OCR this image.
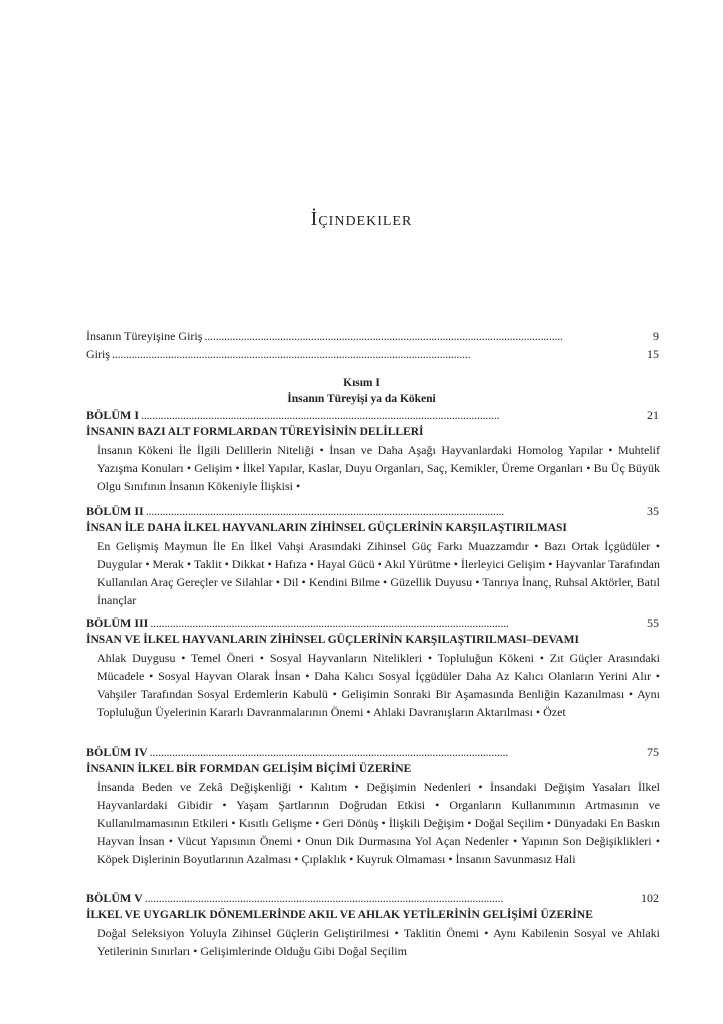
İçindekiler
İnsanın Türeyişine Giriş . . .	9
Giriş . . .	15
Kısım I
İnsanın Türeyişi ya da Kökeni
BÖLÜM I . . .	21
İNSANIN BAZI ALT FORMLARDAN TÜREYİSİNİN DELİLLERİ
İnsanın Kökeni İle İlgili Delillerin Niteliği • İnsan ve Daha Aşağı Hayvanlardaki Homolog Yapılar • Muhtelif Yazışma Konuları • Gelişim • İlkel Yapılar, Kaslar, Duyu Organları, Saç, Kemikler, Üreme Organları • Bu Üç Büyük Olgu Sınıfının İnsanın Kökeniyle İlişkisi •
BÖLÜM II . . .	35
İNSAN İLE DAHA İLKEL HAYVANLARIN ZİHİNSEL GÜÇLERİNİN KARŞILAŞTIRILMASI
En Gelişmiş Maymun İle En İlkel Vahşi Arasındaki Zihinsel Güç Farkı Muazzamdır • Bazı Ortak İçgüdüler • Duygular • Merak • Taklit • Dikkat • Hafıza • Hayal Gücü • Akıl Yürütme • İlerleyici Gelişim • Hayvanlar Tarafından Kullanılan Araç Gereçler ve Silahlar • Dil • Kendini Bilme • Güzellik Duyusu • Tanrıya İnanç, Ruhsal Aktörler, Batıl İnançlar
BÖLÜM III . . .	55
İNSAN VE İLKEL HAYVANLARIN ZİHİNSEL GÜÇLERİNİN KARŞILAŞTIRILMASI–DEVAMI
Ahlak Duygusu • Temel Öneri • Sosyal Hayvanların Nitelikleri • Topluluğun Kökeni • Zıt Güçler Arasındaki Mücadele • Sosyal Hayvan Olarak İnsan • Daha Kalıcı Sosyal İçgüdüler Daha Az Kalıcı Olanların Yerini Alır • Vahşiler Tarafından Sosyal Erdemlerin Kabulü • Gelişimin Sonraki Bir Aşamasında Benliğin Kazanılması • Aynı Topluluğun Üyelerinin Kararlı Davranmalarının Önemi • Ahlaki Davranışların Aktarılması • Özet
BÖLÜM IV . . .	75
İNSANIN İLKEL BİR FORMDAN GELİŞİM BİÇİMİ ÜZERİNE
İnsanda Beden ve Zekâ Değişkenliği • Kalıtım • Değişimin Nedenleri • İnsandaki Değişim Yasaları İlkel Hayvanlardaki Gibidir • Yaşam Şartlarının Doğrudan Etkisi • Organların Kullanımının Artmasının ve Kullanılmamasının Etkileri • Kısıtlı Gelişme • Geri Dönüş • İlişkili Değişim • Doğal Seçilim • Dünyadaki En Baskın Hayvan İnsan • Vücut Yapısının Önemi • Onun Dik Durmasına Yol Açan Nedenler • Yapının Son Değişiklikleri • Köpek Dişlerinin Boyutlarının Azalması • Çıplaklık • Kuyruk Olmaması • İnsanın Savunmasız Hali
BÖLÜM V . . .	102
İLKEL VE UYGARLIK DÖNEMLERİNDE AKIL VE AHLAK YETİLERİNİN GELİŞİMİ ÜZERİNE
Doğal Seleksiyon Yoluyla Zihinsel Güçlerin Geliştirilmesi • Taklitin Önemi • Aynı Kabilenin Sosyal ve Ahlaki Yetilerinin Sınırları • Gelişimlerinde Olduğu Gibi Doğal Seçilim
